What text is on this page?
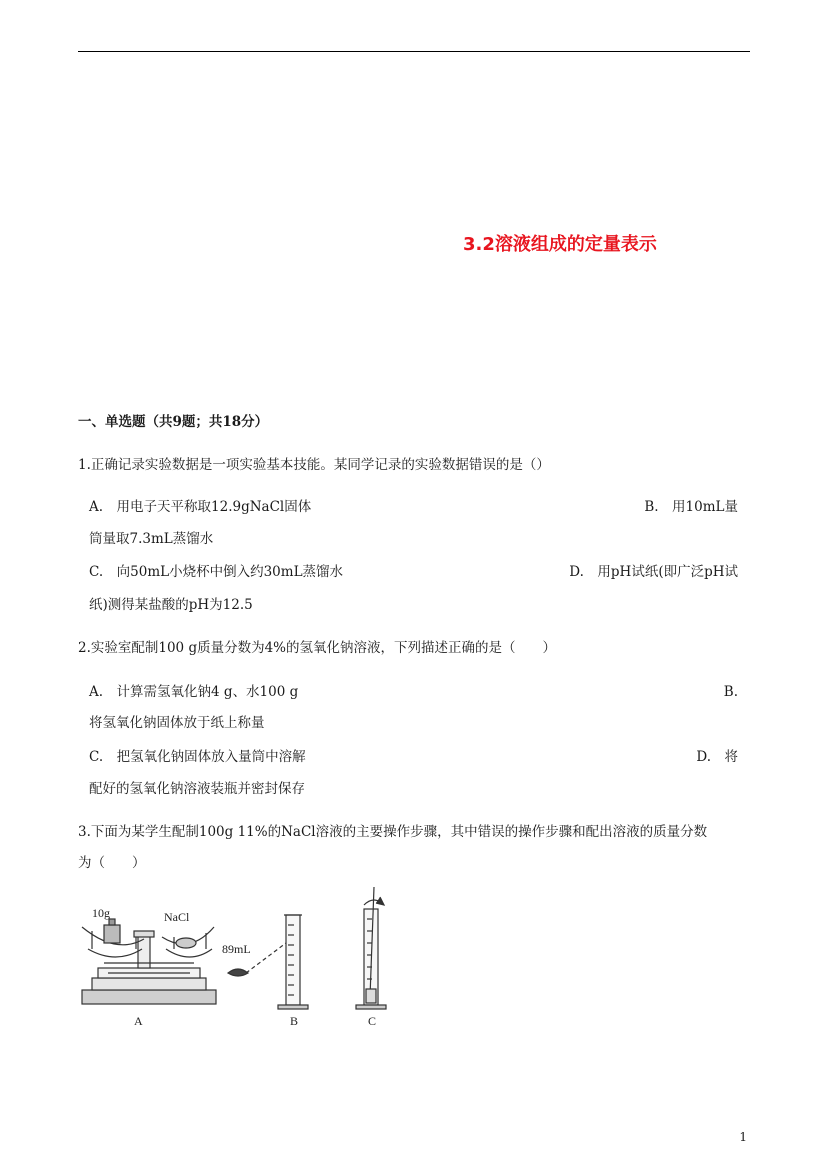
3.2溶液组成的定量表示
一、单选题（共9题；共18分）
1.正确记录实验数据是一项实验基本技能。某同学记录的实验数据错误的是（）
A.　用电子天平称取12.9gNaCl固体	B.　用10mL量
筒量取7.3mL蒸馏水
C.　向50mL小烧杯中倒入约30mL蒸馏水	D.　用pH试纸(即广泛pH试
纸)测得某盐酸的pH为12.5
2.实验室配制100 g质量分数为4%的氢氧化钠溶液，下列描述正确的是（　　）
A.　计算需氢氧化钠4 g、水100 g	B.
将氢氧化钠固体放于纸上称量
C.　把氢氧化钠固体放入量筒中溶解	D.　将
配好的氢氧化钠溶液装瓶并密封保存
3.下面为某学生配制100g 11%的NaCl溶液的主要操作步骤，其中错误的操作步骤和配出溶液的质量分数
为（　　）
10g	NaCl
A
89mL
B	C
1
